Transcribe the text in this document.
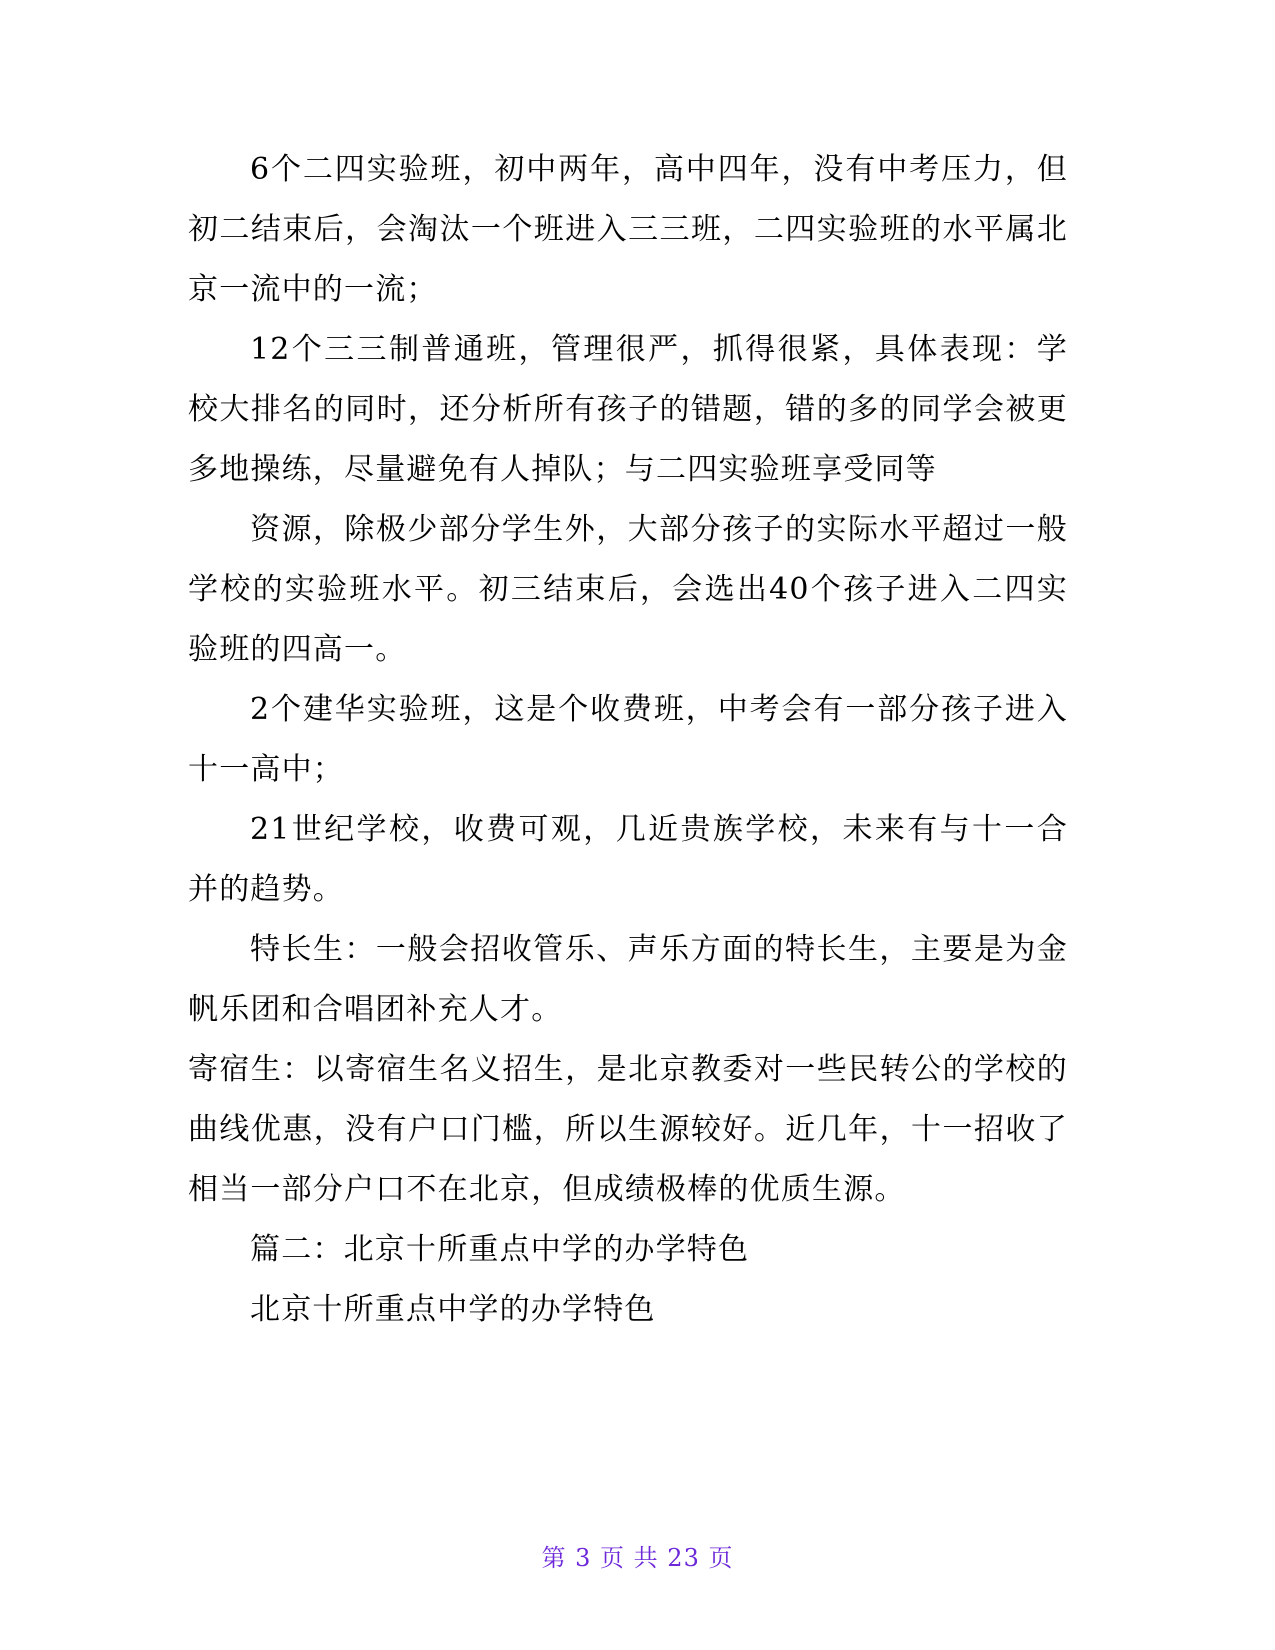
6个二四实验班，初中两年，高中四年，没有中考压力，但初二结束后，会淘汰一个班进入三三班，二四实验班的水平属北京一流中的一流；

12个三三制普通班，管理很严，抓得很紧，具体表现：学校大排名的同时，还分析所有孩子的错题，错的多的同学会被更多地操练，尽量避免有人掉队；与二四实验班享受同等

资源，除极少部分学生外，大部分孩子的实际水平超过一般学校的实验班水平。初三结束后，会选出40个孩子进入二四实验班的四高一。

2个建华实验班，这是个收费班，中考会有一部分孩子进入十一高中；

21世纪学校，收费可观，几近贵族学校，未来有与十一合并的趋势。

特长生：一般会招收管乐、声乐方面的特长生，主要是为金帆乐团和合唱团补充人才。

寄宿生：以寄宿生名义招生，是北京教委对一些民转公的学校的曲线优惠，没有户口门槛，所以生源较好。近几年，十一招收了相当一部分户口不在北京，但成绩极棒的优质生源。

篇二：北京十所重点中学的办学特色

北京十所重点中学的办学特色

第 3 页 共 23 页
